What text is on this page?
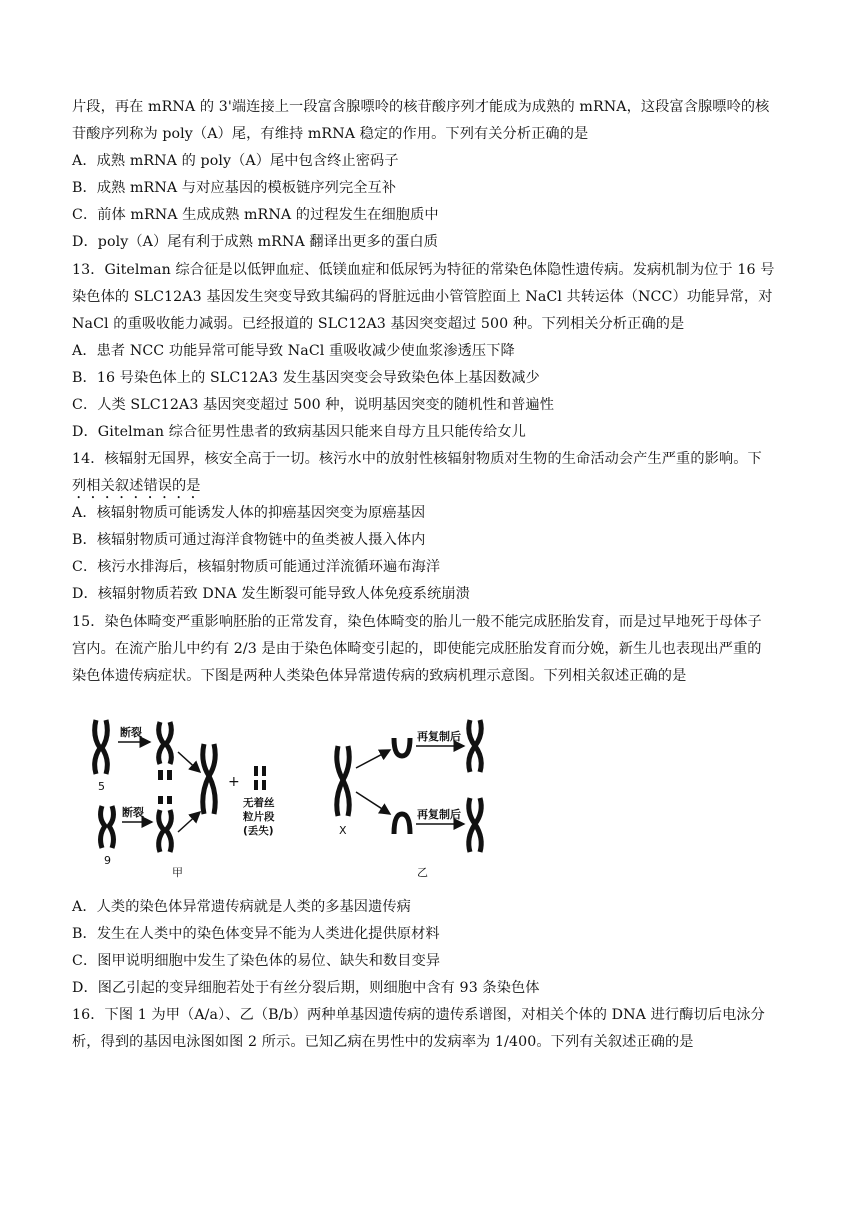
片段，再在 mRNA 的 3'端连接上一段富含腺嘌呤的核苷酸序列才能成为成熟的 mRNA，这段富含腺嘌呤的核
苷酸序列称为 poly（A）尾，有维持 mRNA 稳定的作用。下列有关分析正确的是
A．成熟 mRNA 的 poly（A）尾中包含终止密码子
B．成熟 mRNA 与对应基因的模板链序列完全互补
C．前体 mRNA 生成成熟 mRNA 的过程发生在细胞质中
D．poly（A）尾有利于成熟 mRNA 翻译出更多的蛋白质
13．Gitelman 综合征是以低钾血症、低镁血症和低尿钙为特征的常染色体隐性遗传病。发病机制为位于 16 号
染色体的 SLC12A3 基因发生突变导致其编码的肾脏远曲小管管腔面上 NaCl 共转运体（NCC）功能异常，对
NaCl 的重吸收能力减弱。已经报道的 SLC12A3 基因突变超过 500 种。下列相关分析正确的是
A．患者 NCC 功能异常可能导致 NaCl 重吸收减少使血浆渗透压下降
B．16 号染色体上的 SLC12A3 发生基因突变会导致染色体上基因数减少
C．人类 SLC12A3 基因突变超过 500 种，说明基因突变的随机性和普遍性
D．Gitelman 综合征男性患者的致病基因只能来自母方且只能传给女儿
14．核辐射无国界，核安全高于一切。核污水中的放射性核辐射物质对生物的生命活动会产生严重的影响。下
列相关叙述错误的是
A．核辐射物质可能诱发人体的抑癌基因突变为原癌基因
B．核辐射物质可通过海洋食物链中的鱼类被人摄入体内
C．核污水排海后，核辐射物质可能通过洋流循环遍布海洋
D．核辐射物质若致 DNA 发生断裂可能导致人体免疫系统崩溃
15．染色体畸变严重影响胚胎的正常发育，染色体畸变的胎儿一般不能完成胚胎发育，而是过早地死于母体子
宫内。在流产胎儿中约有 2/3 是由于染色体畸变引起的，即使能完成胚胎发育而分娩，新生儿也表现出严重的
染色体遗传病症状。下图是两种人类染色体异常遗传病的致病机理示意图。下列相关叙述正确的是
5
断裂
9
断裂
+
无着丝
粒片段
(丢失)
甲
X
再复制后
再复制后
乙
A．人类的染色体异常遗传病就是人类的多基因遗传病
B．发生在人类中的染色体变异不能为人类进化提供原材料
C．图甲说明细胞中发生了染色体的易位、缺失和数目变异
D．图乙引起的变异细胞若处于有丝分裂后期，则细胞中含有 93 条染色体
16．下图 1 为甲（A/a）、乙（B/b）两种单基因遗传病的遗传系谱图，对相关个体的 DNA 进行酶切后电泳分
析，得到的基因电泳图如图 2 所示。已知乙病在男性中的发病率为 1/400。下列有关叙述正确的是
